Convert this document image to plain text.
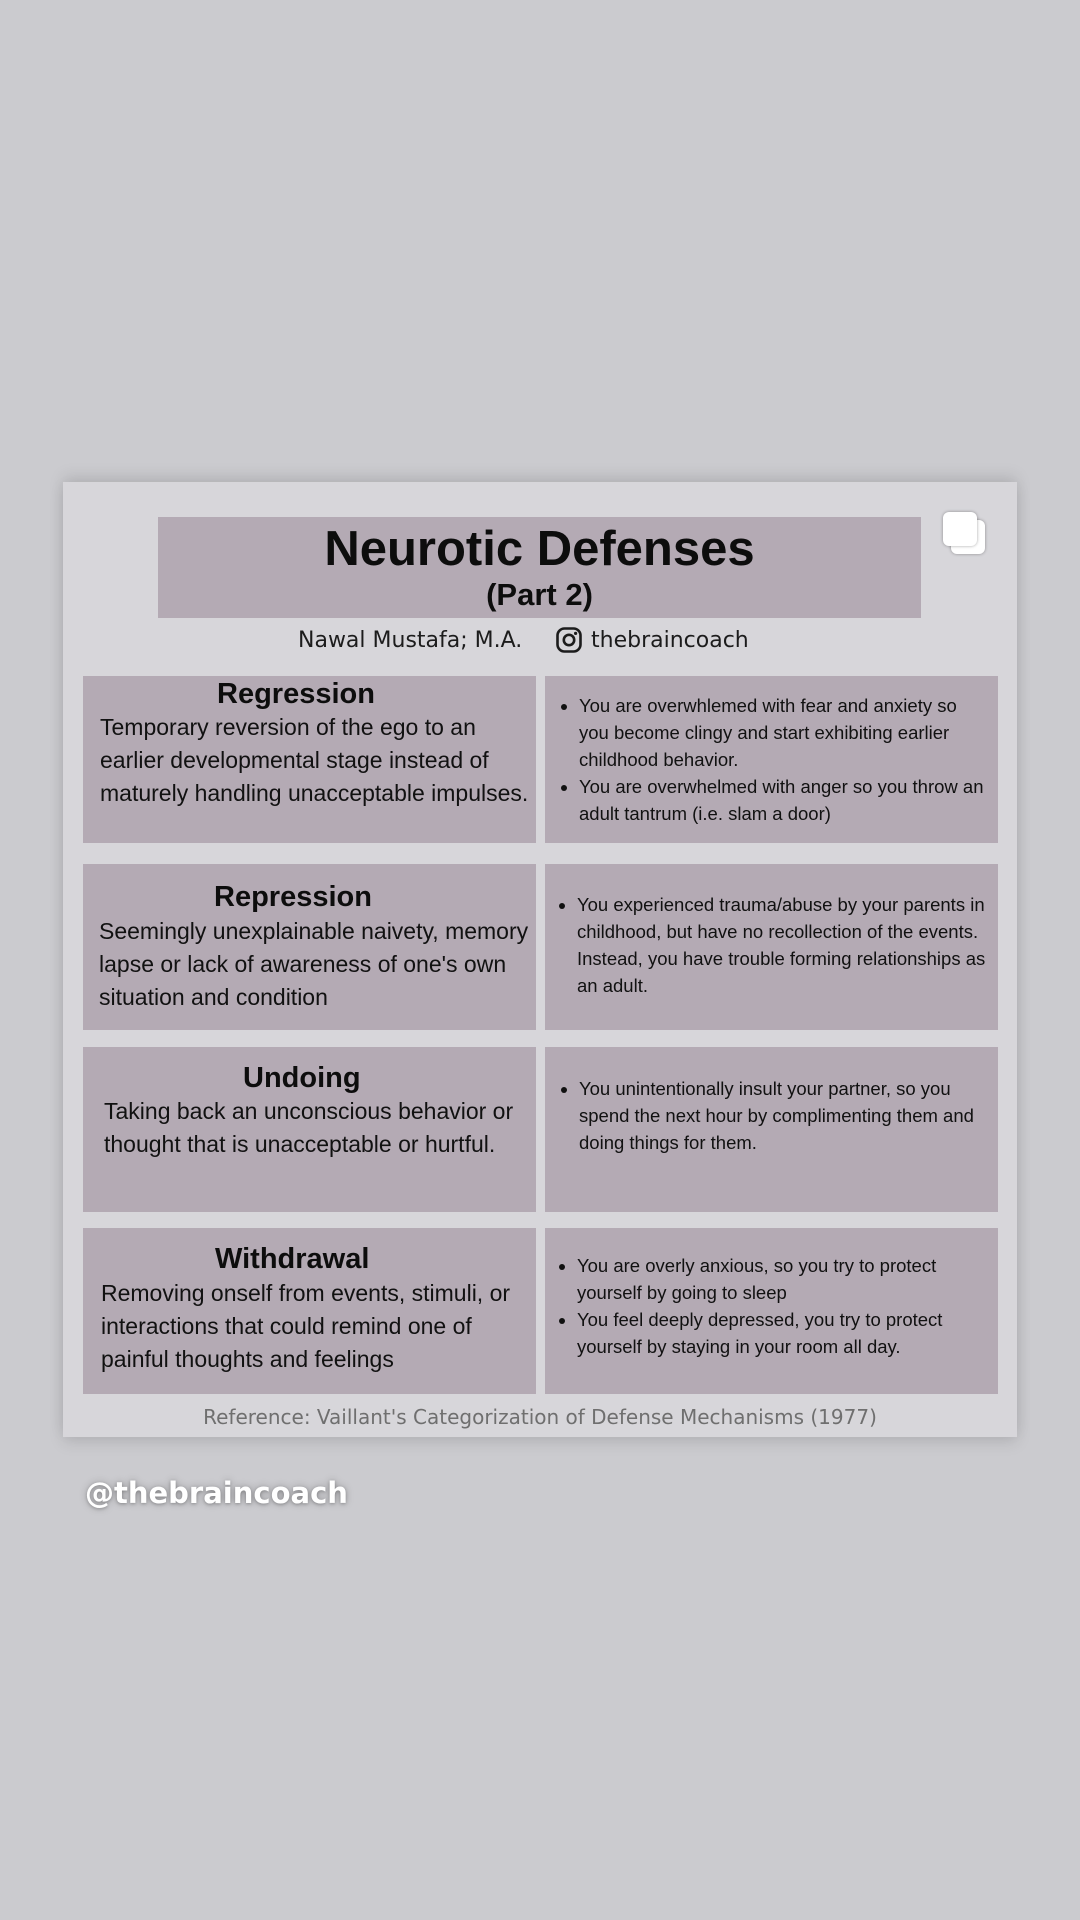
Neurotic Defenses
(Part 2)
Nawal Mustafa; M.A.	thebraincoach
Regression
Temporary reversion of the ego to an earlier developmental stage instead of maturely handling unacceptable impulses.
• You are overwhlemed with fear and anxiety so you become clingy and start exhibiting earlier childhood behavior.
• You are overwhelmed with anger so you throw an adult tantrum (i.e. slam a door)
Repression
Seemingly unexplainable naivety, memory lapse or lack of awareness of one's own situation and condition
• You experienced trauma/abuse by your parents in childhood, but have no recollection of the events. Instead, you have trouble forming relationships as an adult.
Undoing
Taking back an unconscious behavior or thought that is unacceptable or hurtful.
• You unintentionally insult your partner, so you spend the next hour by complimenting them and doing things for them.
Withdrawal
Removing onself from events, stimuli, or interactions that could remind one of painful thoughts and feelings
• You are overly anxious, so you try to protect yourself by going to sleep
• You feel deeply depressed, you try to protect yourself by staying in your room all day.
Reference: Vaillant's Categorization of Defense Mechanisms (1977)
@thebraincoach
